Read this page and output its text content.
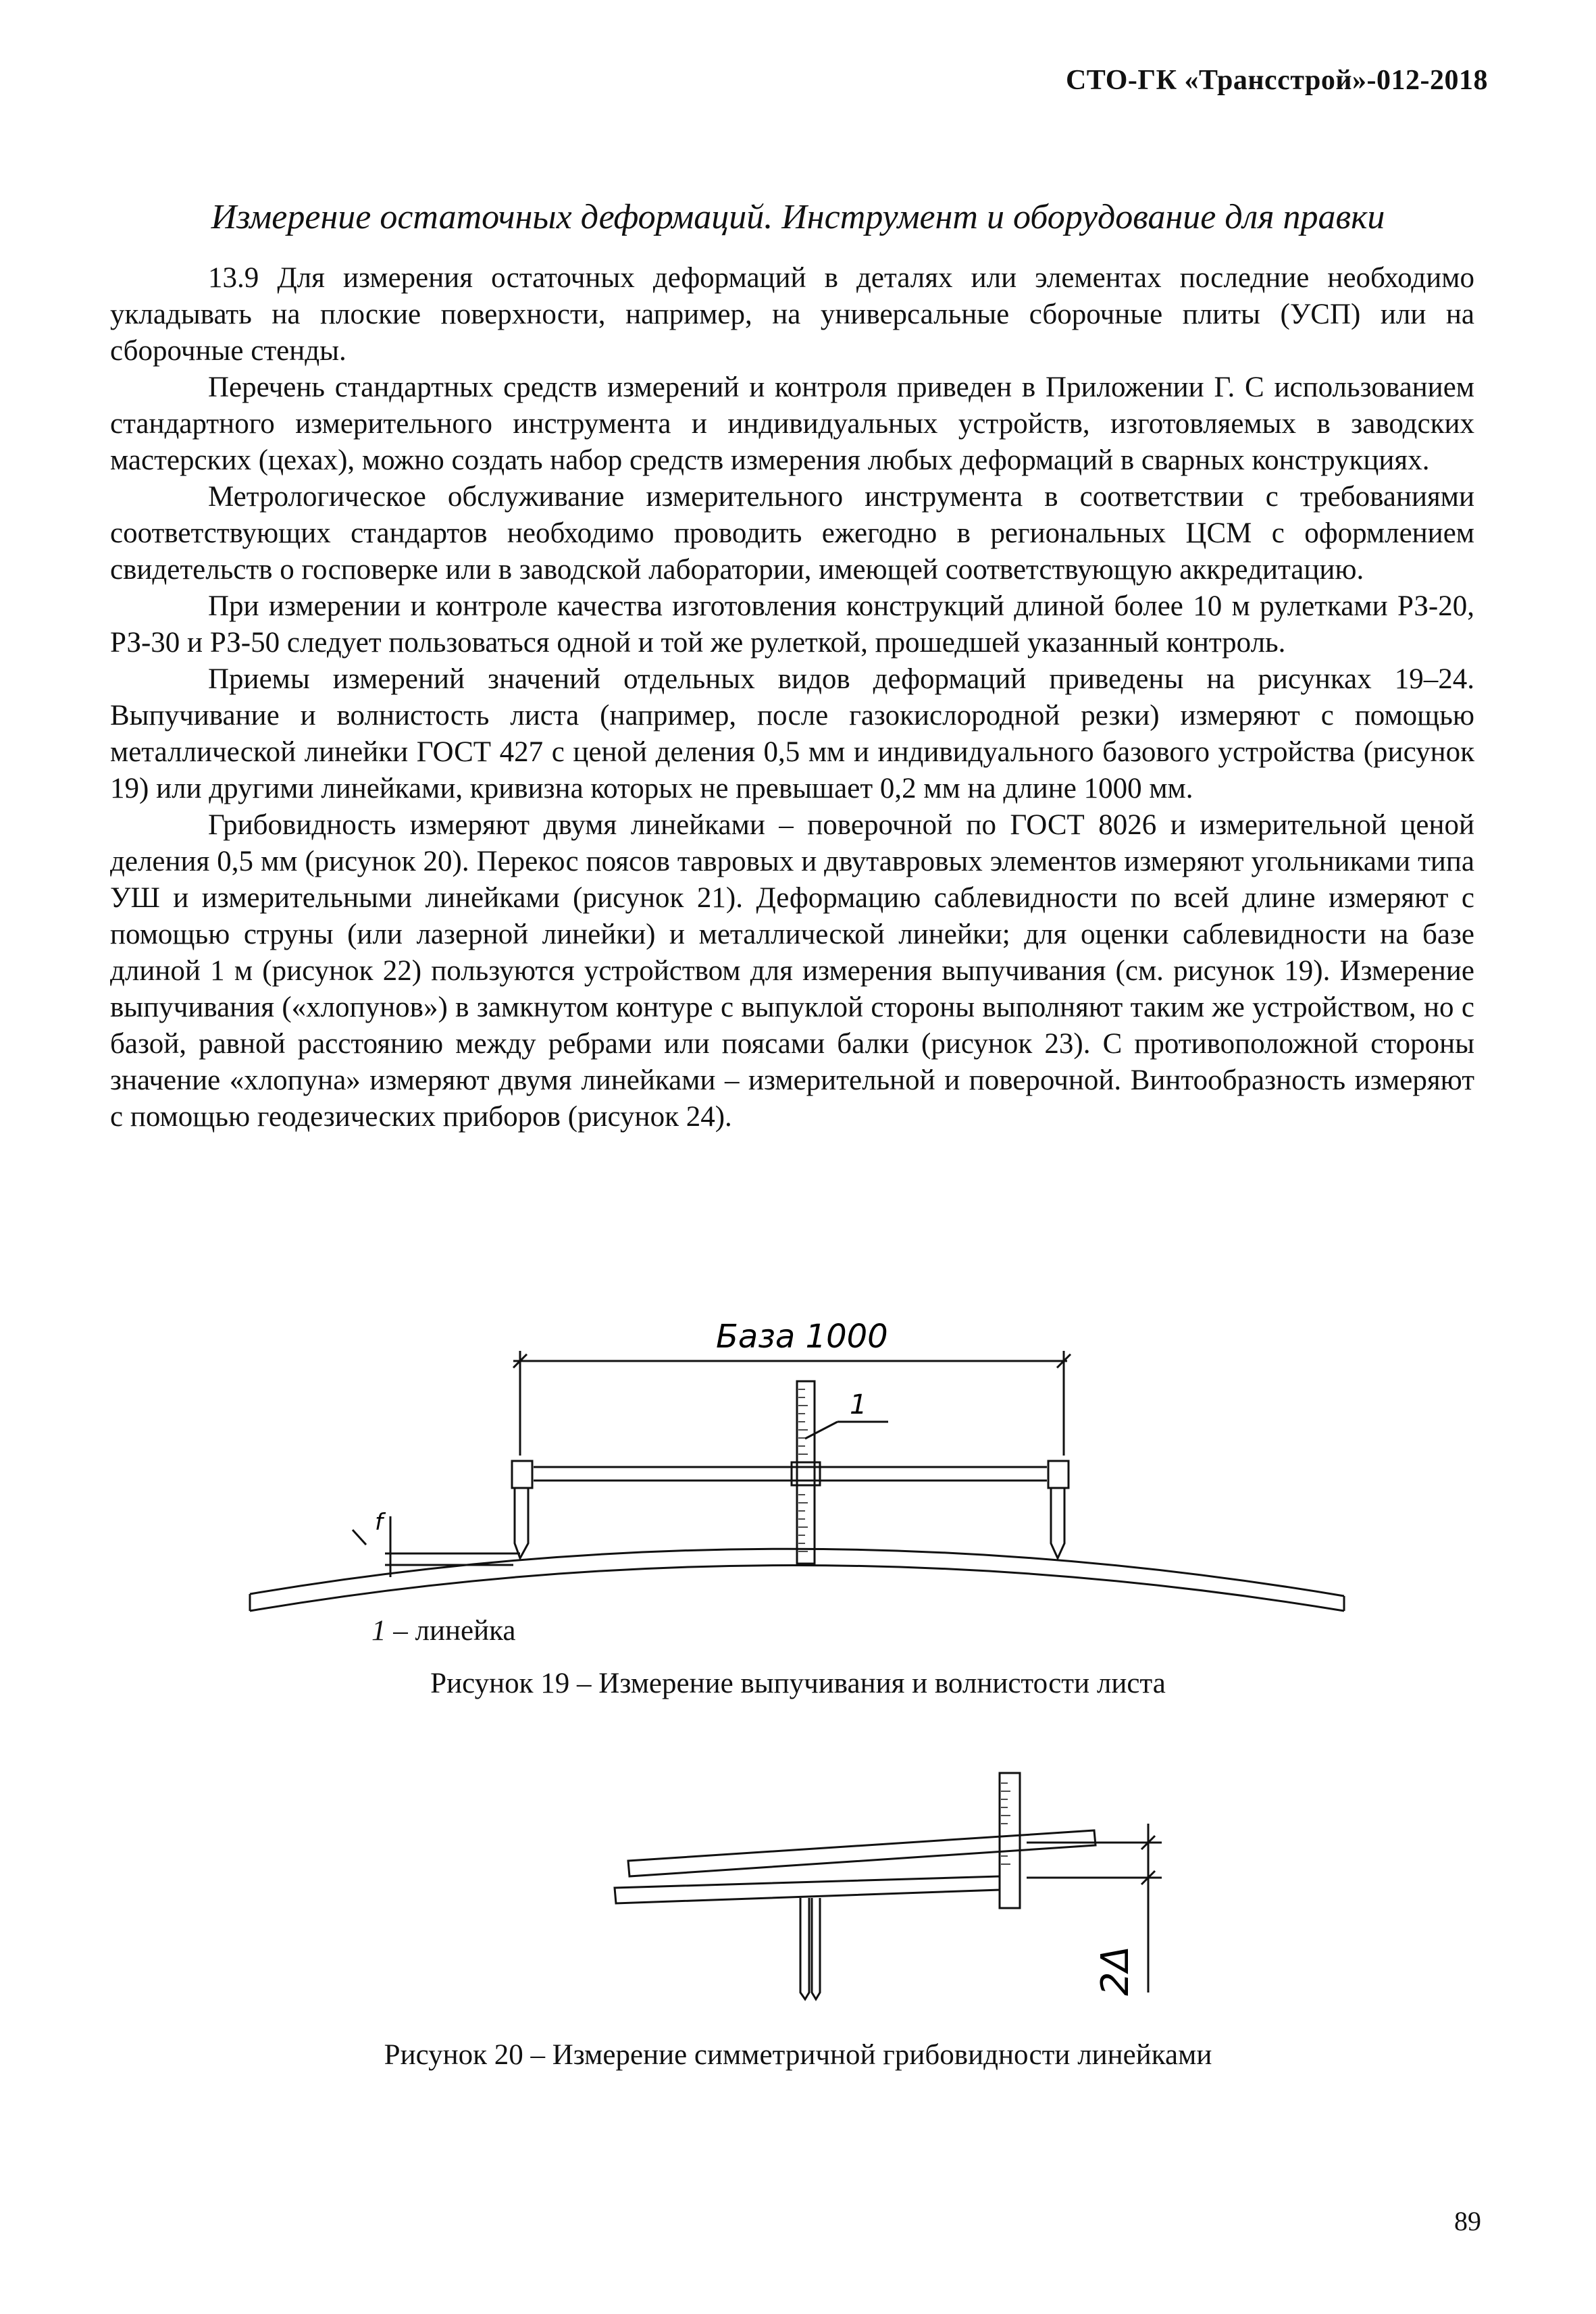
СТО-ГК «Трансстрой»-012-2018
Измерение остаточных деформаций. Инструмент и оборудование для правки

13.9 Для измерения остаточных деформаций в деталях или элементах последние необходимо укладывать на плоские поверхности, например, на универсальные сборочные плиты (УСП) или на сборочные стенды.

Перечень стандартных средств измерений и контроля приведен в Приложении Г. С использованием стандартного измерительного инструмента и индивидуальных устройств, изготовляемых в заводских мастерских (цехах), можно создать набор средств измерения любых деформаций в сварных конструкциях.

Метрологическое обслуживание измерительного инструмента в соответствии с требованиями соответствующих стандартов необходимо проводить ежегодно в региональных ЦСМ с оформлением свидетельств о госповерке или в заводской лаборатории, имеющей соответствующую аккредитацию.

При измерении и контроле качества изготовления конструкций длиной более 10 м рулетками РЗ-20, РЗ-30 и РЗ-50 следует пользоваться одной и той же рулеткой, прошедшей указанный контроль.

Приемы измерений значений отдельных видов деформаций приведены на рисунках 19–24. Выпучивание и волнистость листа (например, после газокислородной резки) измеряют с помощью металлической линейки ГОСТ 427 с ценой деления 0,5 мм и индивидуального базового устройства (рисунок 19) или другими линейками, кривизна которых не превышает 0,2 мм на длине 1000 мм.

Грибовидность измеряют двумя линейками – поверочной по ГОСТ 8026 и измерительной ценой деления 0,5 мм (рисунок 20). Перекос поясов тавровых и двутавровых элементов измеряют угольниками типа УШ и измерительными линейками (рисунок 21). Деформацию саблевидности по всей длине измеряют с помощью струны (или лазерной линейки) и металлической линейки; для оценки саблевидности на базе длиной 1 м (рисунок 22) пользуются устройством для измерения выпучивания (см. рисунок 19). Измерение выпучивания («хлопунов») в замкнутом контуре с выпуклой стороны выполняют таким же устройством, но с базой, равной расстоянию между ребрами или поясами балки (рисунок 23). С противоположной стороны значение «хлопуна» измеряют двумя линейками – измерительной и поверочной. Винтообразность измеряют с помощью геодезических приборов (рисунок 24).

База 1000
1
f
1 – линейка
Рисунок 19 – Измерение выпучивания и волнистости листа
2Δ
Рисунок 20 – Измерение симметричной грибовидности линейками
89
